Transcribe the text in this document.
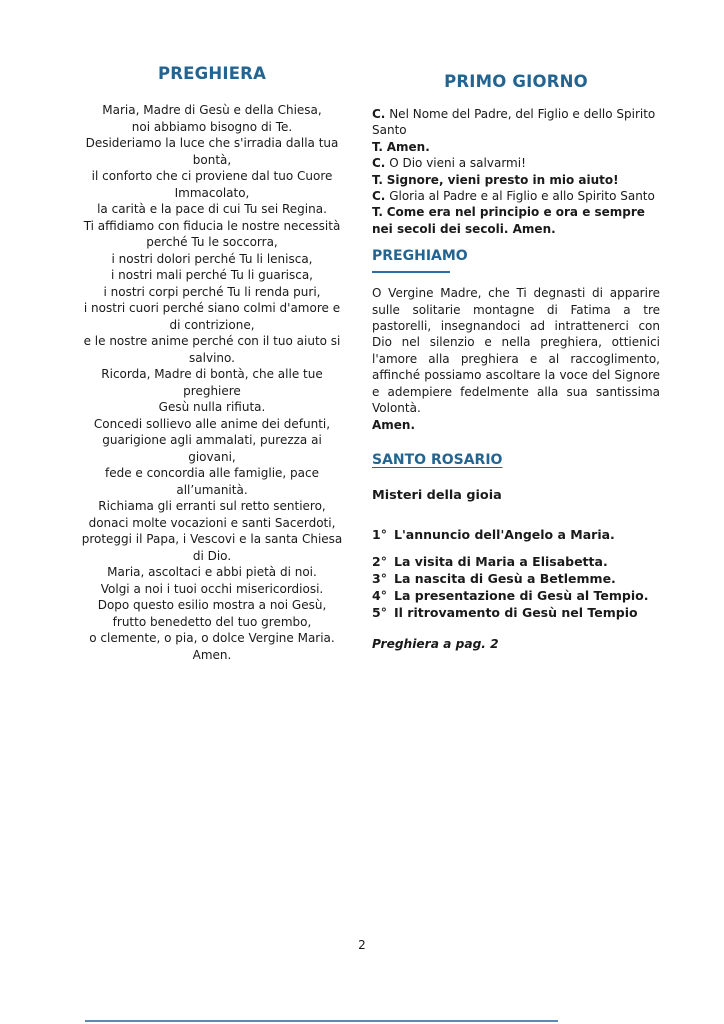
PREGHIERA
Maria, Madre di Gesù e della Chiesa,
noi abbiamo bisogno di Te.
Desideriamo la luce che s'irradia dalla tua
bontà,
il conforto che ci proviene dal tuo Cuore
Immacolato,
la carità e la pace di cui Tu sei Regina.
Ti affidiamo con fiducia le nostre necessità
perché Tu le soccorra,
i nostri dolori perché Tu li lenisca,
i nostri mali perché Tu li guarisca,
i nostri corpi perché Tu li renda puri,
i nostri cuori perché siano colmi d'amore e
di contrizione,
e le nostre anime perché con il tuo aiuto si
salvino.
Ricorda, Madre di bontà, che alle tue
preghiere
Gesù nulla rifiuta.
Concedi sollievo alle anime dei defunti,
guarigione agli ammalati, purezza ai
giovani,
fede e concordia alle famiglie, pace
all’umanità.
Richiama gli erranti sul retto sentiero,
donaci molte vocazioni e santi Sacerdoti,
proteggi il Papa, i Vescovi e la santa Chiesa
di Dio.
Maria, ascoltaci e abbi pietà di noi.
Volgi a noi i tuoi occhi misericordiosi.
Dopo questo esilio mostra a noi Gesù,
frutto benedetto del tuo grembo,
o clemente, o pia, o dolce Vergine Maria.
Amen.
PRIMO GIORNO

C. Nel Nome del Padre, del Figlio e dello Spirito Santo

T. Amen.

C. O Dio vieni a salvarmi!

T. Signore, vieni presto in mio aiuto!

C. Gloria al Padre e al Figlio e allo Spirito Santo

T. Come era nel principio e ora e sempre nei secoli dei secoli. Amen.

PREGHIAMO

O Vergine Madre, che Ti degnasti di apparire sulle solitarie montagne di Fatima a tre pastorelli, insegnandoci ad intrattenerci con Dio nel silenzio e nella preghiera, ottienici l'amore alla preghiera e al raccoglimento, affinché possiamo ascoltare la voce del Signore e adempiere fedelmente alla sua santissima Volontà.

Amen.
SANTO ROSARIO
Misteri della gioia
1° L'annuncio dell'Angelo a Maria.
2° La visita di Maria a Elisabetta.
3° La nascita di Gesù a Betlemme.
4° La presentazione di Gesù al Tempio.
5° Il ritrovamento di Gesù nel Tempio
Preghiera a pag. 2
2
